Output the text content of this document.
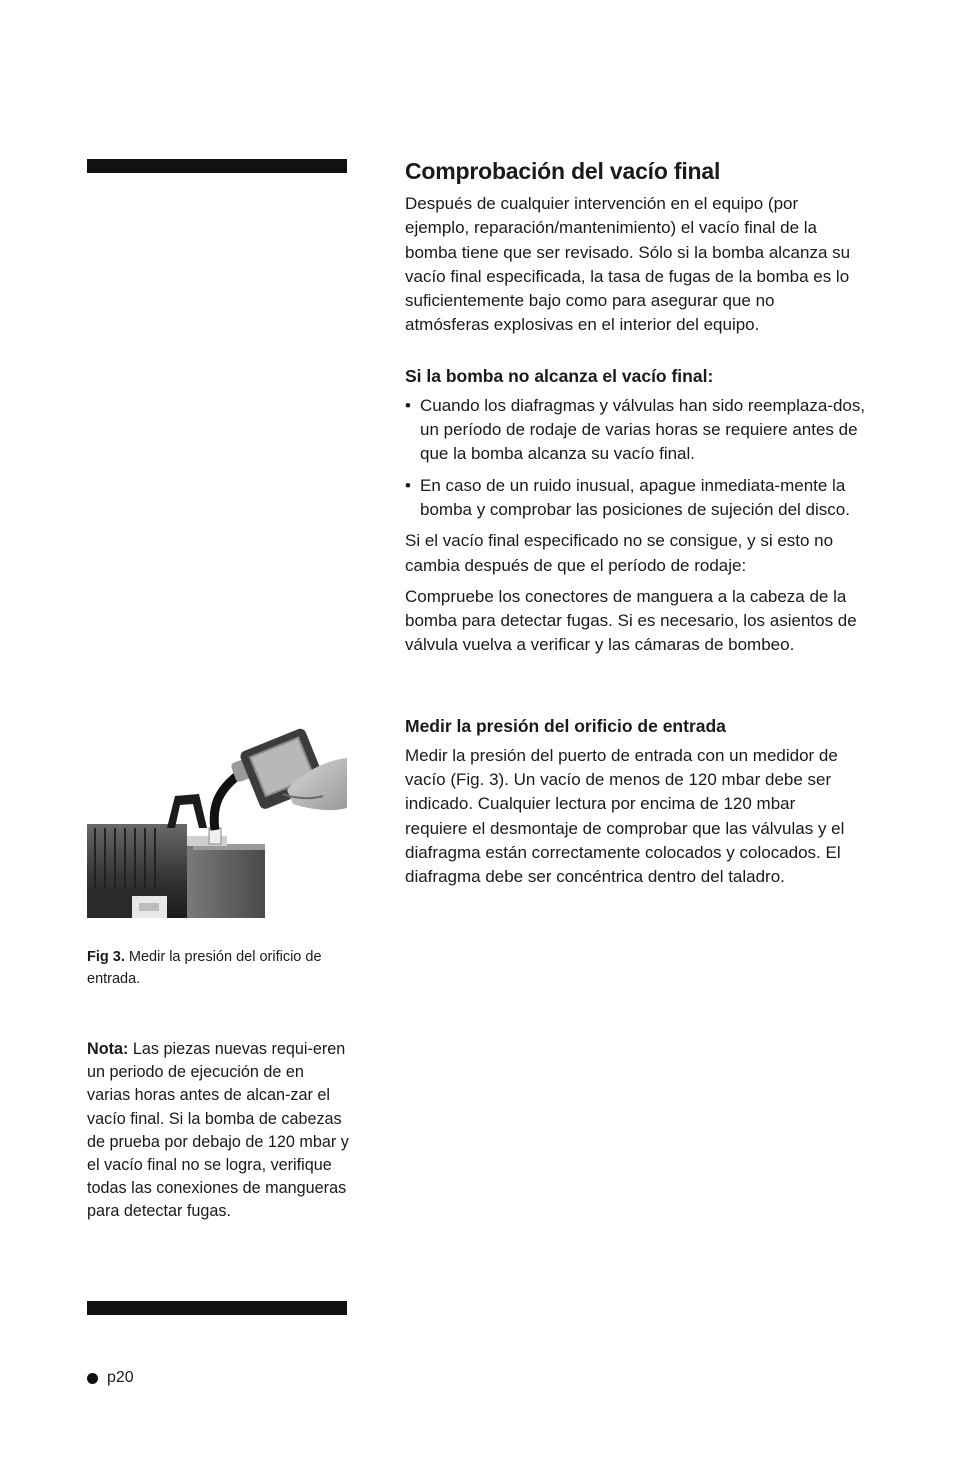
Comprobación del vacío final

Después de cualquier intervención en el equipo (por ejemplo, reparación/mantenimiento) el vacío final de la bomba tiene que ser revisado. Sólo si la bomba alcanza su vacío final especificada, la tasa de fugas de la bomba es lo suficientemente bajo como para asegurar que no atmósferas explosivas en el interior del equipo.

Si la bomba no alcanza el vacío final:
• Cuando los diafragmas y válvulas han sido reemplaza-dos, un período de rodaje de varias horas se requiere antes de que la bomba alcanza su vacío final.
• En caso de un ruido inusual, apague inmediata-mente la bomba y comprobar las posiciones de sujeción del disco.

Si el vacío final especificado no se consigue, y si esto no cambia después de que el período de rodaje:

Compruebe los conectores de manguera a la cabeza de la bomba para detectar fugas. Si es necesario, los asientos de válvula vuelva a verificar y las cámaras de bombeo.

Medir la presión del orificio de entrada

Medir la presión del puerto de entrada con un medidor de vacío (Fig. 3). Un vacío de menos de 120 mbar debe ser indicado. Cualquier lectura por encima de 120 mbar requiere el desmontaje de comprobar que las válvulas y el diafragma están correctamente colocados y colocados. El diafragma debe ser concéntrica dentro del taladro.

Fig 3. Medir la presión del orificio de entrada.
Nota: Las piezas nuevas requi-eren un periodo de ejecución de en varias horas antes de alcan-zar el vacío final. Si la bomba de cabezas de prueba por debajo de 120 mbar y el vacío final no se logra, verifique todas las conexiones de mangueras para detectar fugas.
p20
